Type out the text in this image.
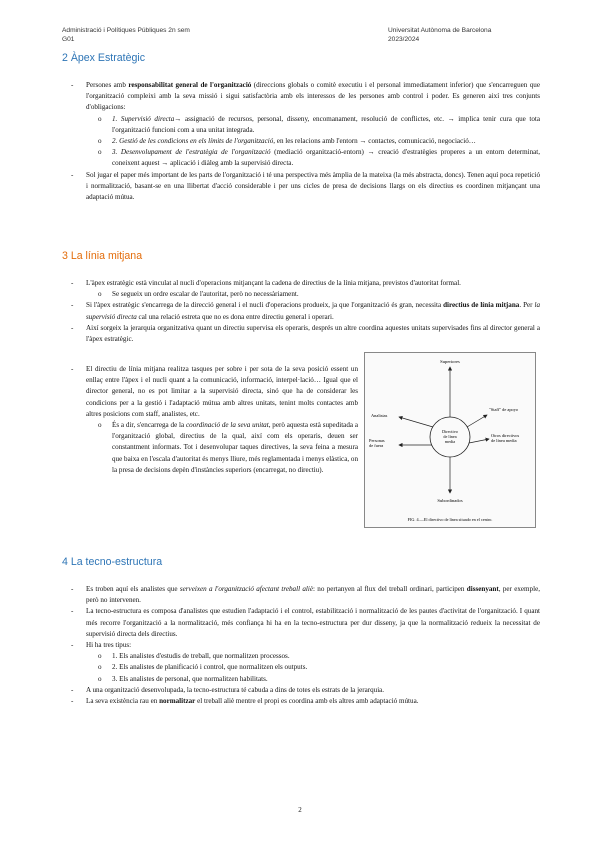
Administració i Polítiques Públiques 2n sem
G01
Universitat Autònoma de Barcelona
2023/2024
2 Àpex Estratègic
- Persones amb responsabilitat general de l'organització (direccions globals o comitè executiu i el personal immediatament inferior) que s'encarreguen que l'organització compleixi amb la seva missió i sigui satisfactòria amb els interessos de les persones amb control i poder. Es generen així tres conjunts d'obligacions:
o 1. Supervisió directa→ assignació de recursos, personal, disseny, encomanament, resolució de conflictes, etc. → implica tenir cura que tota l'organització funcioni com a una unitat integrada.
o 2. Gestió de les condicions en els límits de l'organització, en les relacions amb l'entorn → contactes, comunicació, negociació…
o 3. Desenvolupament de l'estratègia de l'organització (mediació organització-entorn) → creació d'estratègies properes a un entorn determinat, coneixent aquest → aplicació i diàleg amb la supervisió directa.
- Sol jugar el paper més important de les parts de l'organització i té una perspectiva més àmplia de la mateixa (la més abstracta, doncs). Tenen aquí poca repetició i normalització, basant-se en una llibertat d'acció considerable i per uns cicles de presa de decisions llargs on els directius es coordinen mitjançant una adaptació mútua.
3 La línia mitjana
- L'àpex estratègic està vinculat al nucli d'operacions mitjançant la cadena de directius de la línia mitjana, previstos d'autoritat formal.
o Se segueix un ordre escalar de l'autoritat, però no necessàriament.
- Si l'àpex estratègic s'encarrega de la direcció general i el nucli d'operacions produeix, ja que l'organització és gran, necessita directius de línia mitjana. Per la supervisió directa cal una relació estreta que no es dona entre directiu general i operari.
- Així sorgeix la jerarquia organitzativa quant un directiu supervisa els operaris, després un altre coordina aquestes unitats supervisades fins al director general a l'àpex estratègic.
- El directiu de línia mitjana realitza tasques per sobre i per sota de la seva posició essent un enllaç entre l'àpex i el nucli quant a la comunicació, informació, interpel·lació… Igual que el director general, no es pot limitar a la supervisió directa, sinó que ha de considerar les condicions per a la gestió i l'adaptació mútua amb altres unitats, tenint molts contactes amb altres posicions com staff, analistes, etc.
o És a dir, s'encarrega de la coordinació de la seva unitat, però aquesta està supeditada a l'organització global, directius de la qual, així com els operaris, deuen ser constantment informats. Tot i desenvolupar taques directives, la seva feina a mesura que baixa en l'escala d'autoritat és menys lliure, més reglamentada i menys elàstica, on la presa de decisions depèn d'instàncies superiors (encarregat, no directiu).
Superiores
Directivo de línea media
Analistas
Personas de fuera
"Staff" de apoyo
Otros directivos de línea media
Subordinados
FIG. 4.—El directivo de línea situado en el centro.
4 La tecno-estructura
- Es troben aquí els analistes que serveixen a l'organització afectant treball aliè: no pertanyen al flux del treball ordinari, participen dissenyant, per exemple, però no intervenen.
- La tecno-estructura es composa d'analistes que estudien l'adaptació i el control, estabilització i normalització de les pautes d'activitat de l'organització. I quant més recorre l'organització a la normalització, més confiança hi ha en la tecno-estructura per dur disseny, ja que la normalització redueix la necessitat de supervisió directa dels directius.
- Hi ha tres tipus:
o 1. Els analistes d'estudis de treball, que normalitzen processos.
o 2. Els analistes de planificació i control, que normalitzen els outputs.
o 3. Els analistes de personal, que normalitzen habilitats.
- A una organització desenvolupada, la tecno-estructura té cabuda a dins de totes els estrats de la jerarquia.
- La seva existència rau en normalitzar el treball aliè mentre el propi es coordina amb els altres amb adaptació mútua.
2
